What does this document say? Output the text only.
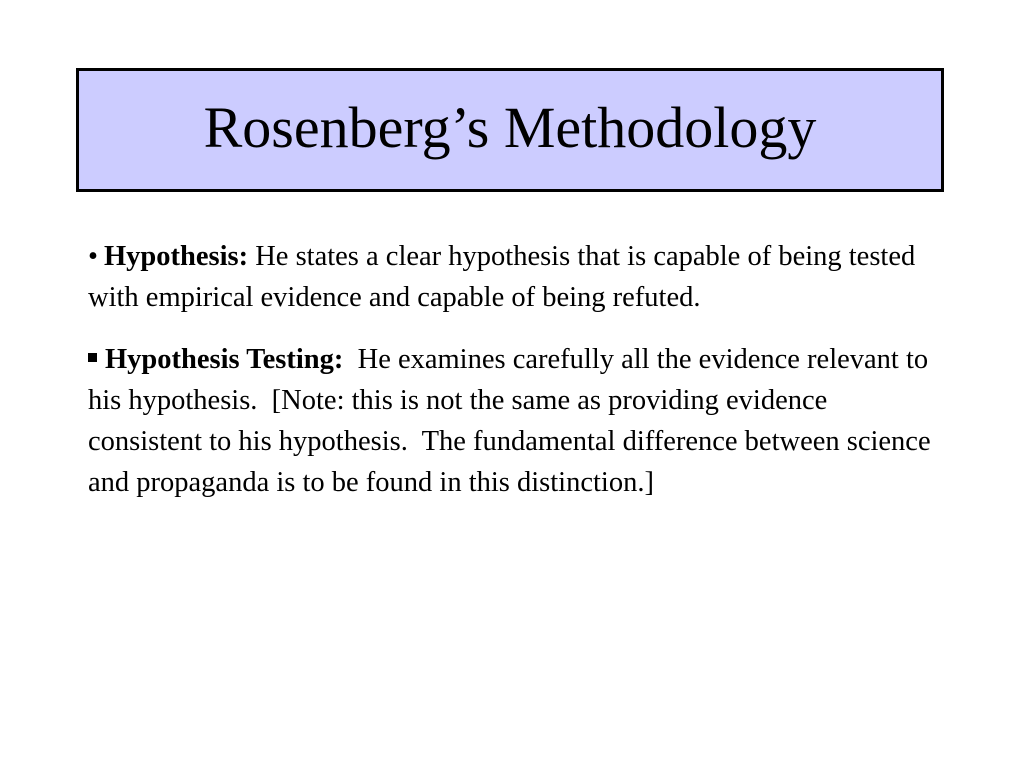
Rosenberg’s Methodology

• Hypothesis: He states a clear hypothesis that is capable of being tested with empirical evidence and capable of being refuted.

Hypothesis Testing:  He examines carefully all the evidence relevant to his hypothesis.  [Note: this is not the same as providing evidence consistent to his hypothesis.  The fundamental difference between science and propaganda is to be found in this distinction.]
